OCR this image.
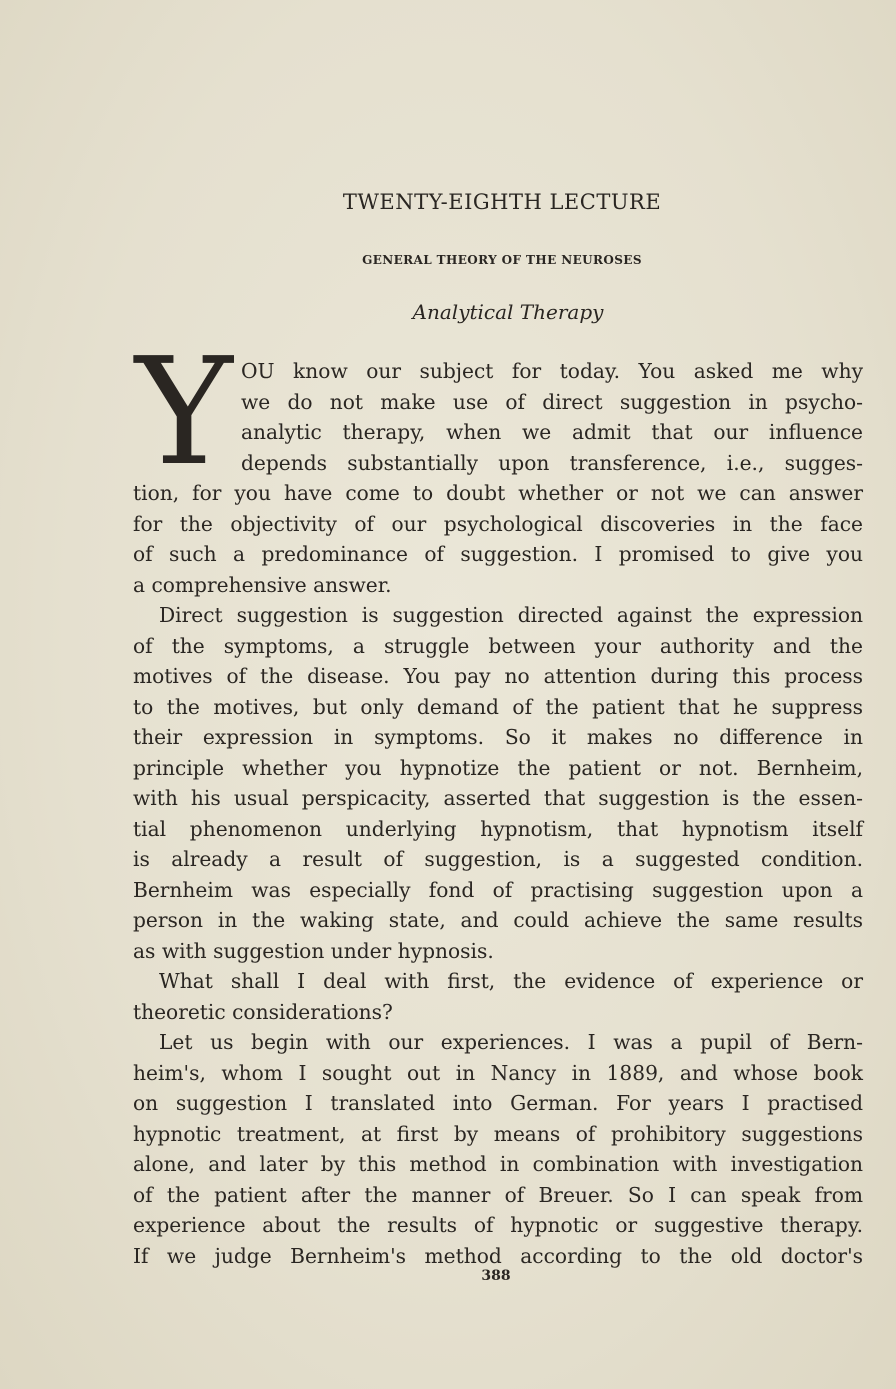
TWENTY-EIGHTH LECTURE
GENERAL THEORY OF THE NEUROSES
Analytical Therapy
Y OU know our subject for today. You asked me why
we do not make use of direct suggestion in psycho-
analytic therapy, when we admit that our influence
depends substantially upon transference, i.e., sugges-
tion, for you have come to doubt whether or not we can answer
for the objectivity of our psychological discoveries in the face
of such a predominance of suggestion. I promised to give you
a comprehensive answer.
Direct suggestion is suggestion directed against the expression
of the symptoms, a struggle between your authority and the
motives of the disease. You pay no attention during this process
to the motives, but only demand of the patient that he suppress
their expression in symptoms. So it makes no difference in
principle whether you hypnotize the patient or not. Bernheim,
with his usual perspicacity, asserted that suggestion is the essen-
tial phenomenon underlying hypnotism, that hypnotism itself
is already a result of suggestion, is a suggested condition.
Bernheim was especially fond of practising suggestion upon a
person in the waking state, and could achieve the same results
as with suggestion under hypnosis.
What shall I deal with first, the evidence of experience or
theoretic considerations?
Let us begin with our experiences. I was a pupil of Bern-
heim's, whom I sought out in Nancy in 1889, and whose book
on suggestion I translated into German. For years I practised
hypnotic treatment, at first by means of prohibitory suggestions
alone, and later by this method in combination with investigation
of the patient after the manner of Breuer. So I can speak from
experience about the results of hypnotic or suggestive therapy.
If we judge Bernheim's method according to the old doctor's
388
